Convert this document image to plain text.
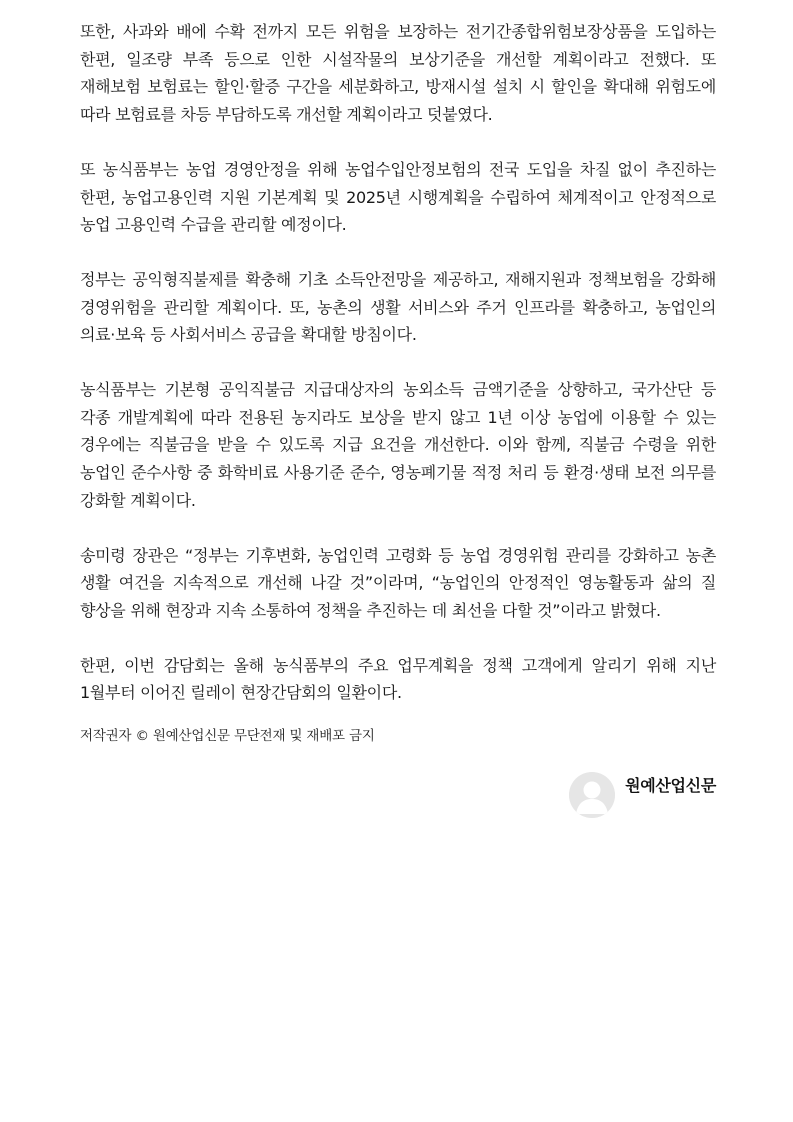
또한, 사과와 배에 수확 전까지 모든 위험을 보장하는 전기간종합위험보장상품을 도입하는 한편, 일조량 부족 등으로 인한 시설작물의 보상기준을 개선할 계획이라고 전했다. 또 재해보험 보험료는 할인·할증 구간을 세분화하고, 방재시설 설치 시 할인을 확대해 위험도에 따라 보험료를 차등 부담하도록 개선할 계획이라고 덧붙였다.

또 농식품부는 농업 경영안정을 위해 농업수입안정보험의 전국 도입을 차질 없이 추진하는 한편, 농업고용인력 지원 기본계획 및 2025년 시행계획을 수립하여 체계적이고 안정적으로 농업 고용인력 수급을 관리할 예정이다.

정부는 공익형직불제를 확충해 기초 소득안전망을 제공하고, 재해지원과 정책보험을 강화해 경영위험을 관리할 계획이다. 또, 농촌의 생활 서비스와 주거 인프라를 확충하고, 농업인의 의료·보육 등 사회서비스 공급을 확대할 방침이다.

농식품부는 기본형 공익직불금 지급대상자의 농외소득 금액기준을 상향하고, 국가산단 등 각종 개발계획에 따라 전용된 농지라도 보상을 받지 않고 1년 이상 농업에 이용할 수 있는 경우에는 직불금을 받을 수 있도록 지급 요건을 개선한다. 이와 함께, 직불금 수령을 위한 농업인 준수사항 중 화학비료 사용기준 준수, 영농폐기물 적정 처리 등 환경·생태 보전 의무를 강화할 계획이다.

송미령 장관은 “정부는 기후변화, 농업인력 고령화 등 농업 경영위험 관리를 강화하고 농촌 생활 여건을 지속적으로 개선해 나갈 것”이라며, “농업인의 안정적인 영농활동과 삶의 질 향상을 위해 현장과 지속 소통하여 정책을 추진하는 데 최선을 다할 것”이라고 밝혔다.

한편, 이번 감담회는 올해 농식품부의 주요 업무계획을 정책 고객에게 알리기 위해 지난 1월부터 이어진 릴레이 현장간담회의 일환이다.

저작권자 © 원예산업신문 무단전재 및 재배포 금지
원예산업신문
